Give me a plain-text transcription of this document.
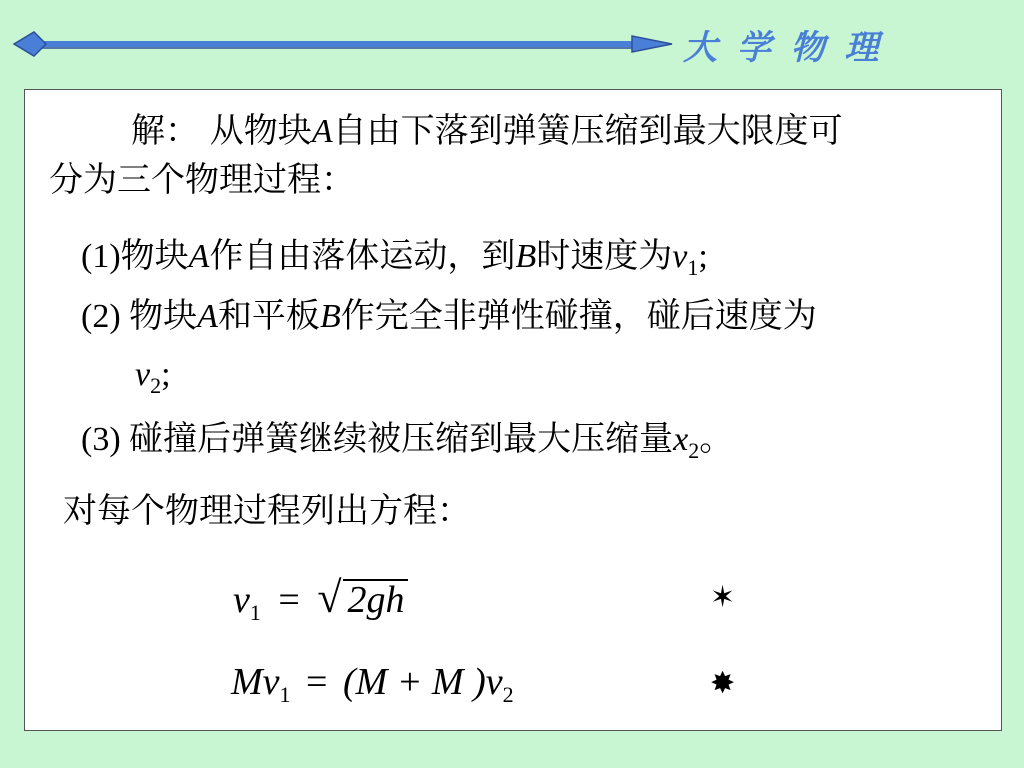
大 学 物 理
解： 从物块A自由下落到弹簧压缩到最大限度可
分为三个物理过程：
(1)物块A作自由落体运动，到B时速度为$v_1$;
(2) 物块A和平板B作完全非弹性碰撞，碰后速度为
$v_2$;
(3) 碰撞后弹簧继续被压缩到最大压缩量$x_2$。
对每个物理过程列出方程：
$v_1$ = √ 2gh	✶
$Mv_1 = (M + M$ )$v_2$	✸
